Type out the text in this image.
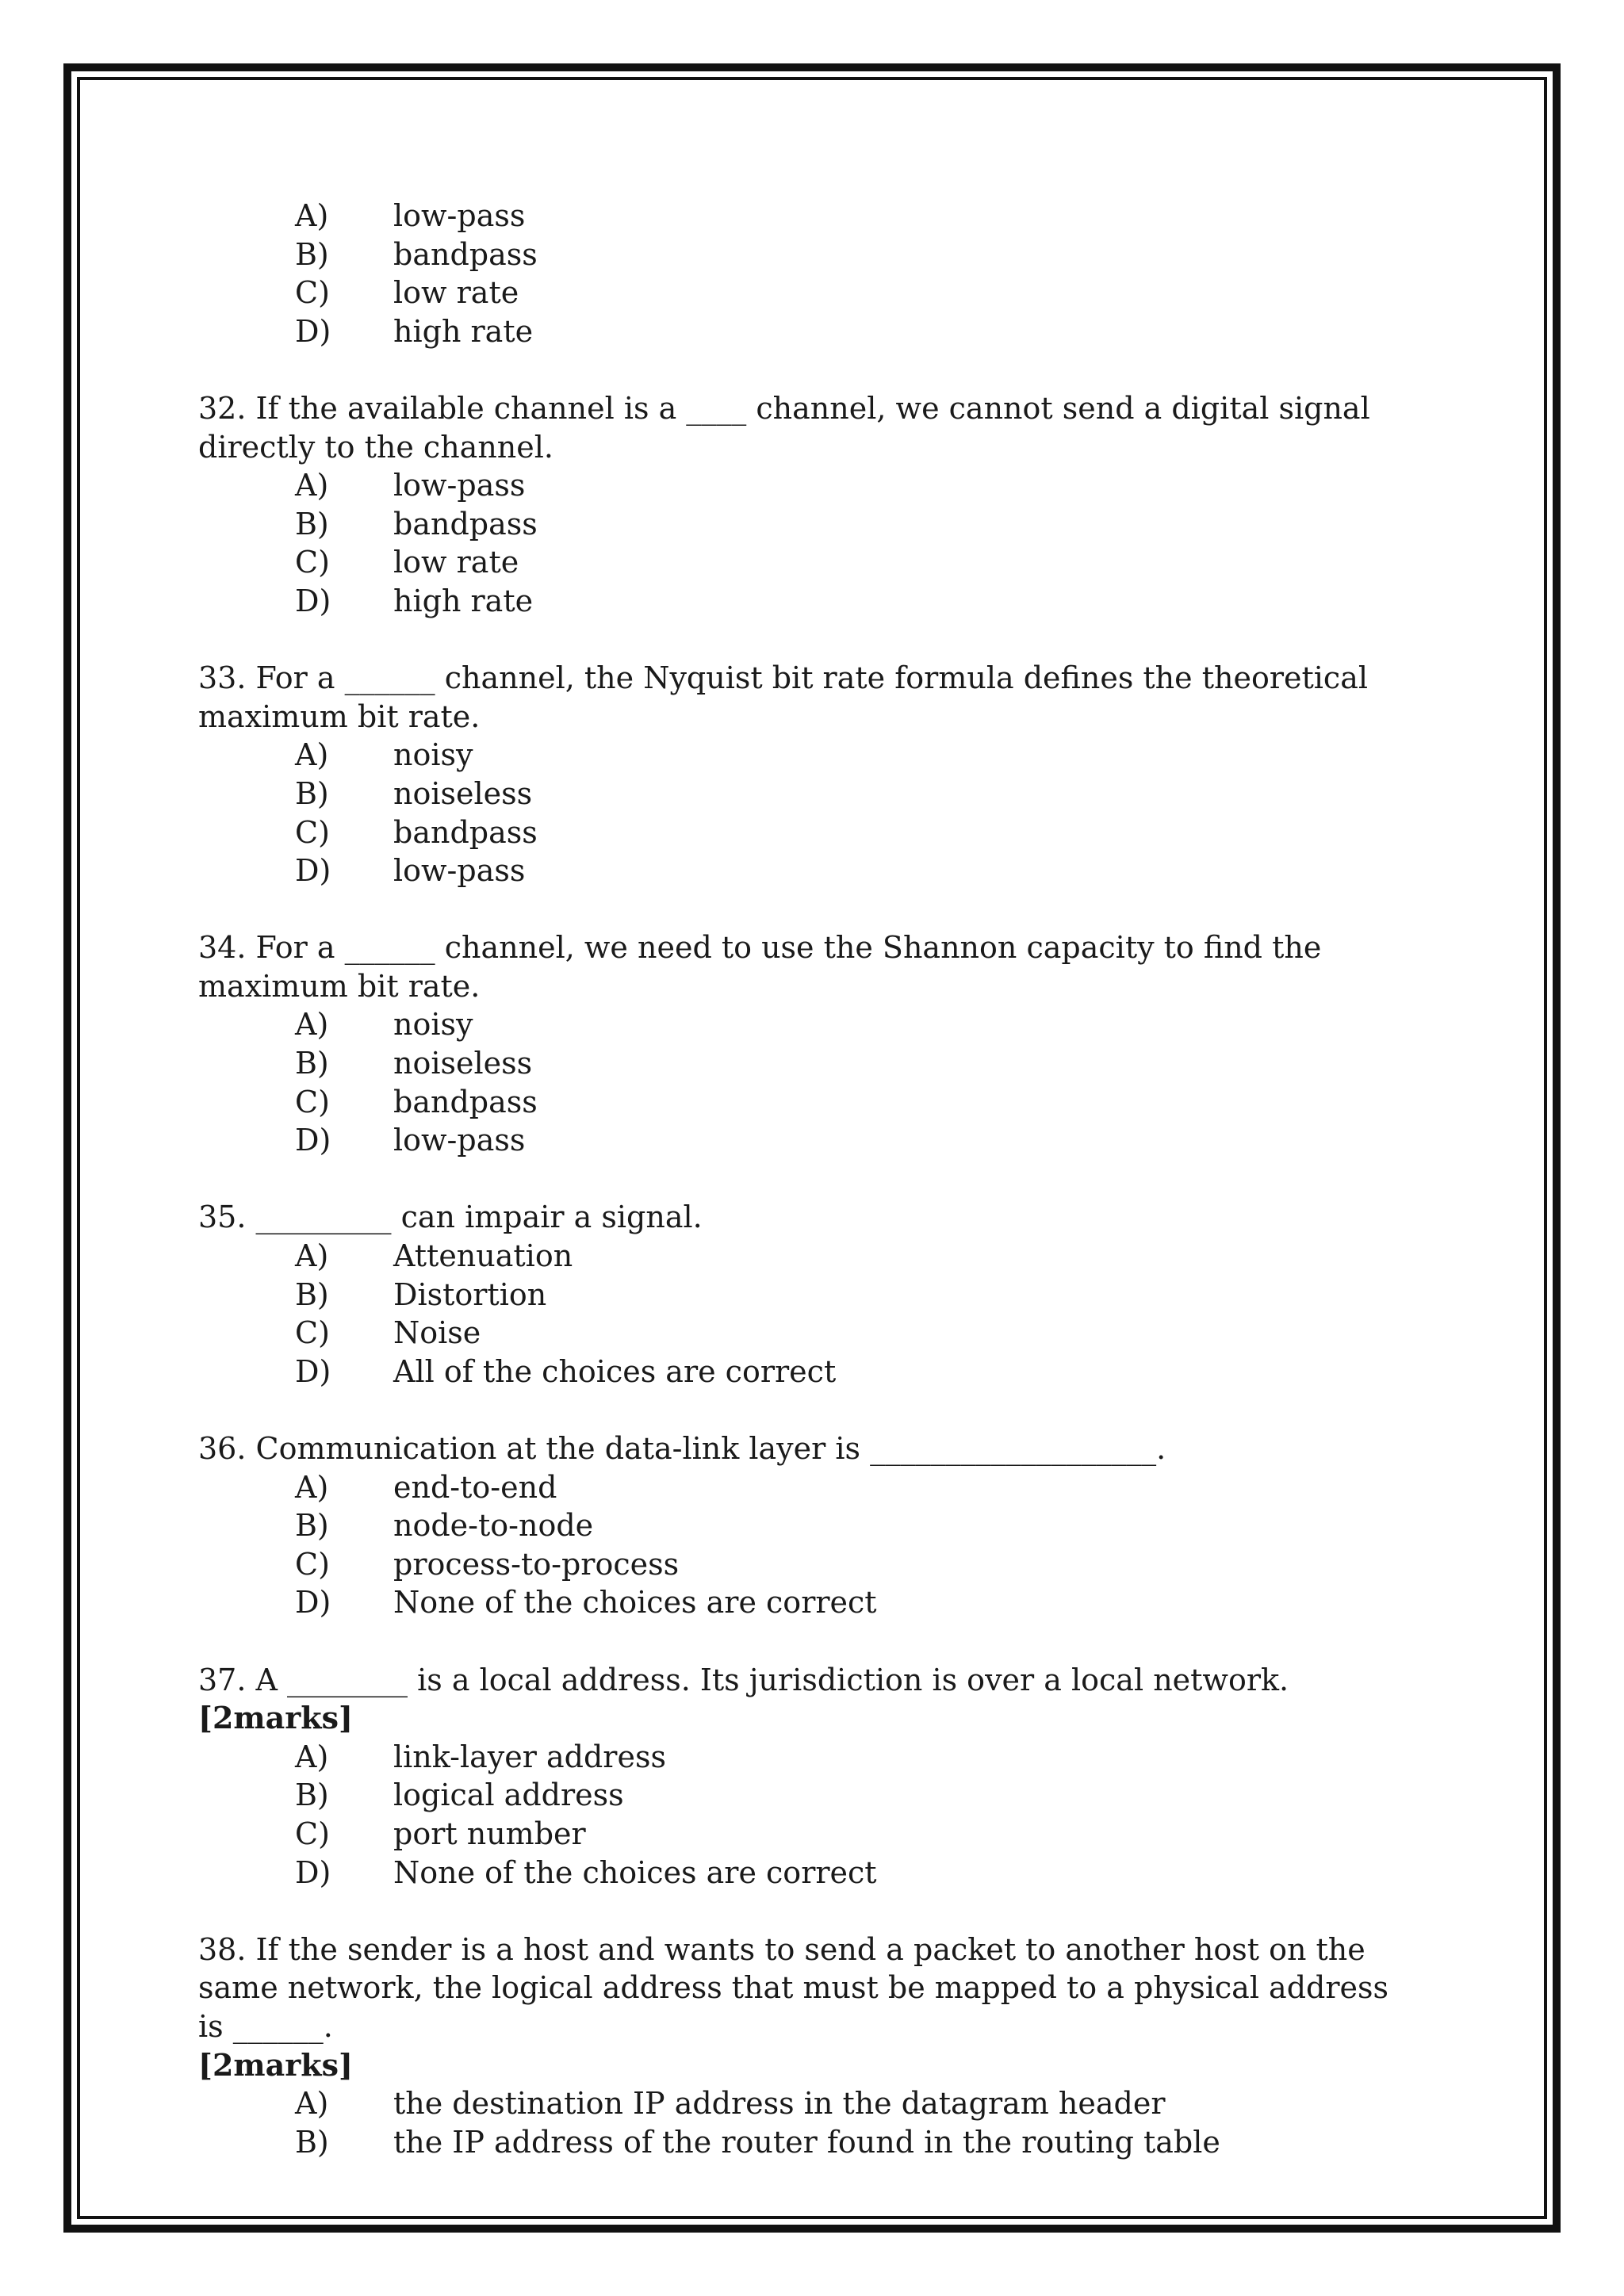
A)	low-pass
B)	bandpass
C)	low rate
D)	high rate

32. If the available channel is a ____ channel, we cannot send a digital signal directly to the channel.

A)	low-pass
B)	bandpass
C)	low rate
D)	high rate

33. For a ______ channel, the Nyquist bit rate formula defines the theoretical maximum bit rate.

A)	noisy
B)	noiseless
C)	bandpass
D)	low-pass

34. For a ______ channel, we need to use the Shannon capacity to find the maximum bit rate.

A)	noisy
B)	noiseless
C)	bandpass
D)	low-pass

35. _________ can impair a signal.

A)	Attenuation
B)	Distortion
C)	Noise
D)	All of the choices are correct

36. Communication at the data-link layer is ___________________.

A)	end-to-end
B)	node-to-node
C)	process-to-process
D)	None of the choices are correct

37. A ________ is a local address. Its jurisdiction is over a local network. [2marks]

A)	link-layer address
B)	logical address
C)	port number
D)	None of the choices are correct

38. If the sender is a host and wants to send a packet to another host on the same network, the logical address that must be mapped to a physical address is ______.
[2marks]

A)	the destination IP address in the datagram header
B)	the IP address of the router found in the routing table
